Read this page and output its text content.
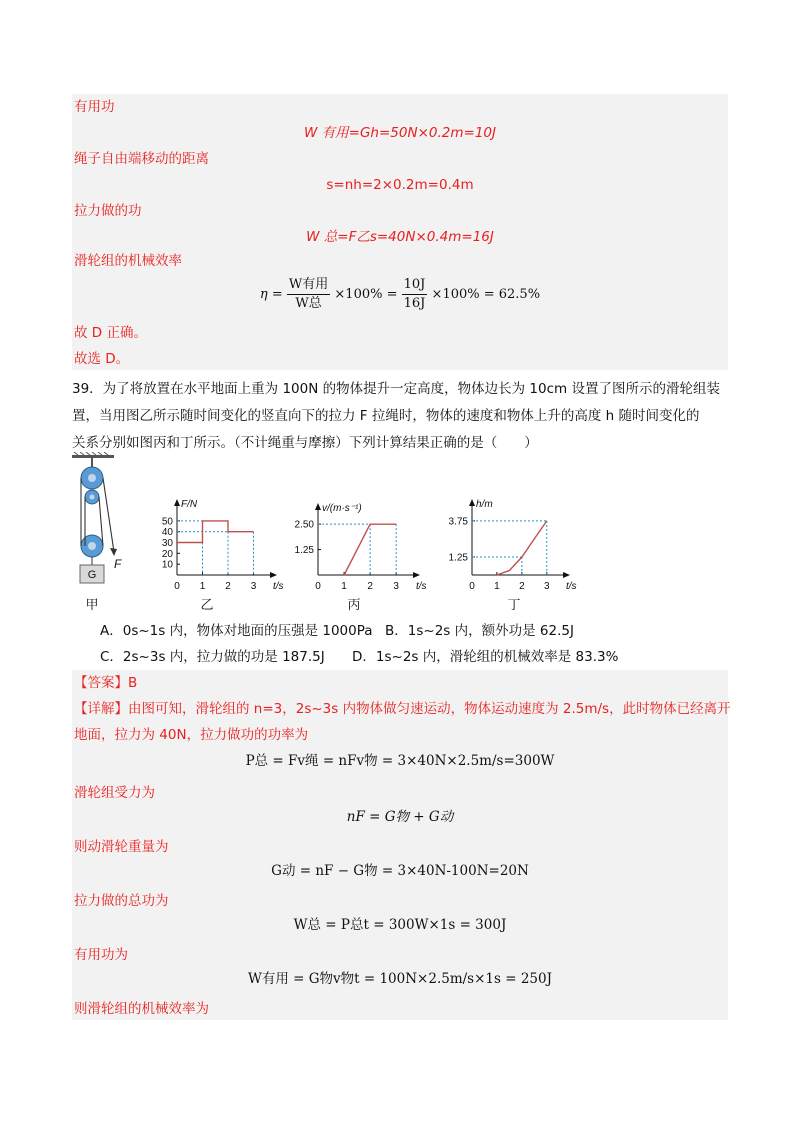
有用功
W 有用=Gh=50N×0.2m=10J
绳子自由端移动的距离
s=nh=2×0.2m=0.4m
拉力做的功
W 总=F乙s=40N×0.4m=16J
滑轮组的机械效率
$\eta = \frac{\text{W有用}}{\text{W总}} \times 100\% = \frac{10J}{16J} \times 100\% = 62.5\%$
故 D 正确。
故选 D。
39．为了将放置在水平地面上重为 100N 的物体提升一定高度，物体边长为 10cm 设置了图所示的滑轮组装
置，当用图乙所示随时间变化的竖直向下的拉力 F 拉绳时，物体的速度和物体上升的高度 h 随时间变化的
关系分别如图丙和丁所示。（不计绳重与摩擦）下列计算结果正确的是（　　）
F
G
甲
F/N
t/s
0 1 2 3
10
20
30
40
50
乙
v/(m·s⁻¹)
t/s
0 1 2 3
1.25
2.50
丙
h/m
t/s
0 1 2 3
1.25
3.75
丁
A．0s~1s 内，物体对地面的压强是 1000Pa B．1s~2s 内，额外功是 62.5J
C．2s~3s 内，拉力做的功是 187.5J D．1s~2s 内，滑轮组的机械效率是 83.3%
【答案】B
【详解】由图可知，滑轮组的 n=3，2s~3s 内物体做匀速运动，物体运动速度为 2.5m/s，此时物体已经离开
地面，拉力为 40N，拉力做功的功率为
P总 = Fv绳 = nFv物 = 3×40N×2.5m/s=300W
滑轮组受力为
nF = G物 + G动
则动滑轮重量为
G动 = nF − G物 = 3×40N-100N=20N
拉力做的总功为
W总 = P总t = 300W×1s = 300J
有用功为
W有用 = G物v物t = 100N×2.5m/s×1s = 250J
则滑轮组的机械效率为
